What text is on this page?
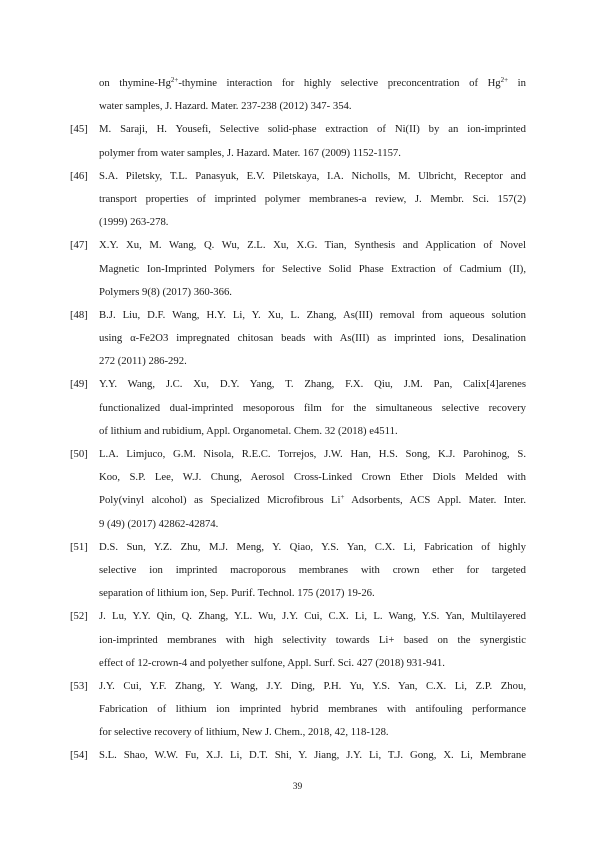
on thymine-$Hg^{2+}$-thymine interaction for highly selective preconcentration of $Hg^{2+}$ in
water samples, J. Hazard. Mater. 237-238 (2012) 347- 354.
[45]	M. Saraji, H. Yousefi, Selective solid-phase extraction of Ni(II) by an ion-imprinted
polymer from water samples, J. Hazard. Mater. 167 (2009) 1152-1157.
[46]	S.A. Piletsky, T.L. Panasyuk, E.V. Piletskaya, I.A. Nicholls, M. Ulbricht, Receptor and
transport properties of imprinted polymer membranes-a review, J. Membr. Sci. 157(2)
(1999) 263-278.
[47]	X.Y. Xu, M. Wang, Q. Wu, Z.L. Xu, X.G. Tian, Synthesis and Application of Novel
Magnetic Ion-Imprinted Polymers for Selective Solid Phase Extraction of Cadmium (II),
Polymers 9(8) (2017) 360-366.
[48]	B.J. Liu, D.F. Wang, H.Y. Li, Y. Xu, L. Zhang, As(III) removal from aqueous solution
using α-Fe2O3 impregnated chitosan beads with As(III) as imprinted ions, Desalination
272 (2011) 286-292.
[49]	Y.Y. Wang, J.C. Xu, D.Y. Yang, T. Zhang, F.X. Qiu, J.M. Pan, Calix[4]arenes
functionalized dual-imprinted mesoporous film for the simultaneous selective recovery
of lithium and rubidium, Appl. Organometal. Chem. 32 (2018) e4511.
[50]	L.A. Limjuco, G.M. Nisola, R.E.C. Torrejos, J.W. Han, H.S. Song, K.J. Parohinog, S.
Koo, S.P. Lee, W.J. Chung, Aerosol Cross-Linked Crown Ether Diols Melded with
Poly(vinyl alcohol) as Specialized Microfibrous Li+ Adsorbents, ACS Appl. Mater. Inter.
9 (49) (2017) 42862-42874.
[51]	D.S. Sun, Y.Z. Zhu, M.J. Meng, Y. Qiao, Y.S. Yan, C.X. Li, Fabrication of highly
selective ion imprinted macroporous membranes with crown ether for targeted
separation of lithium ion, Sep. Purif. Technol. 175 (2017) 19-26.
[52]	J. Lu, Y.Y. Qin, Q. Zhang, Y.L. Wu, J.Y. Cui, C.X. Li, L. Wang, Y.S. Yan, Multilayered
ion-imprinted membranes with high selectivity towards Li+ based on the synergistic
effect of 12-crown-4 and polyether sulfone, Appl. Surf. Sci. 427 (2018) 931-941.
[53]	J.Y. Cui, Y.F. Zhang, Y. Wang, J.Y. Ding, P.H. Yu, Y.S. Yan, C.X. Li, Z.P. Zhou,
Fabrication of lithium ion imprinted hybrid membranes with antifouling performance
for selective recovery of lithium, New J. Chem., 2018, 42, 118-128.
[54]	S.L. Shao, W.W. Fu, X.J. Li, D.T. Shi, Y. Jiang, J.Y. Li, T.J. Gong, X. Li, Membrane
39
